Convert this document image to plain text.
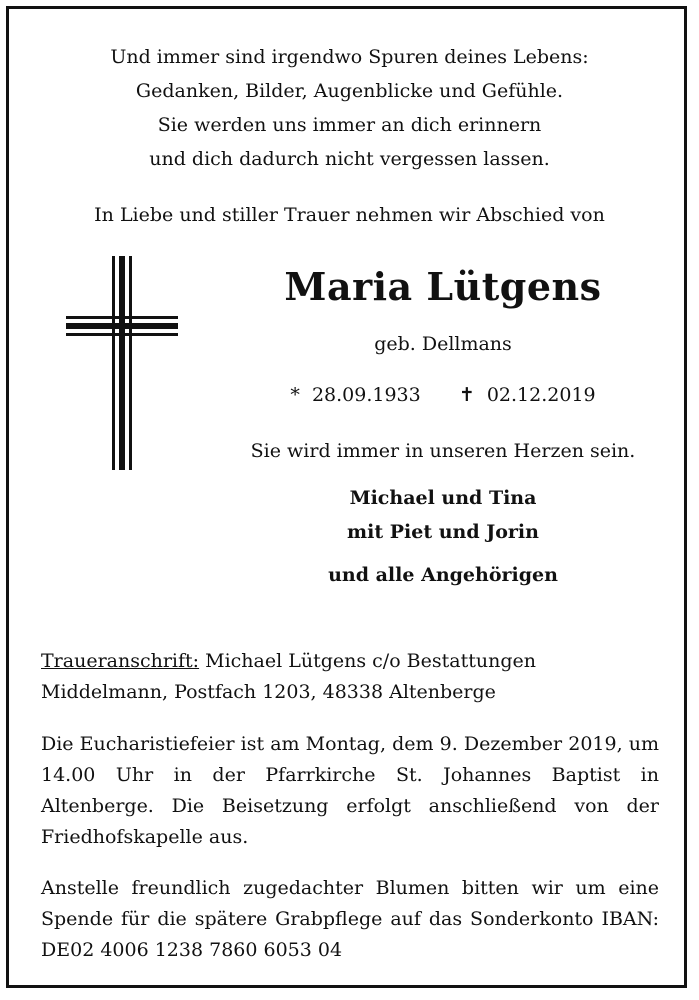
Und immer sind irgendwo Spuren deines Lebens:
Gedanken, Bilder, Augenblicke und Gefühle.
Sie werden uns immer an dich erinnern
und dich dadurch nicht vergessen lassen.
In Liebe und stiller Trauer nehmen wir Abschied von
Maria Lütgens
geb. Dellmans
* 28.09.1933 ✝ 02.12.2019
Sie wird immer in unseren Herzen sein.
Michael und Tina
mit Piet und Jorin
und alle Angehörigen
Traueranschrift: Michael Lütgens c/o Bestattungen
Middelmann, Postfach 1203, 48338 Altenberge
Die Eucharistiefeier ist am Montag, dem 9. Dezember 2019, um 14.00 Uhr in der Pfarrkirche St. Johannes Baptist in Altenberge. Die Beisetzung erfolgt anschließend von der Friedhofskapelle aus.
Anstelle freundlich zugedachter Blumen bitten wir um eine Spende für die spätere Grabpflege auf das Sonderkonto IBAN: DE02 4006 1238 7860 6053 04
